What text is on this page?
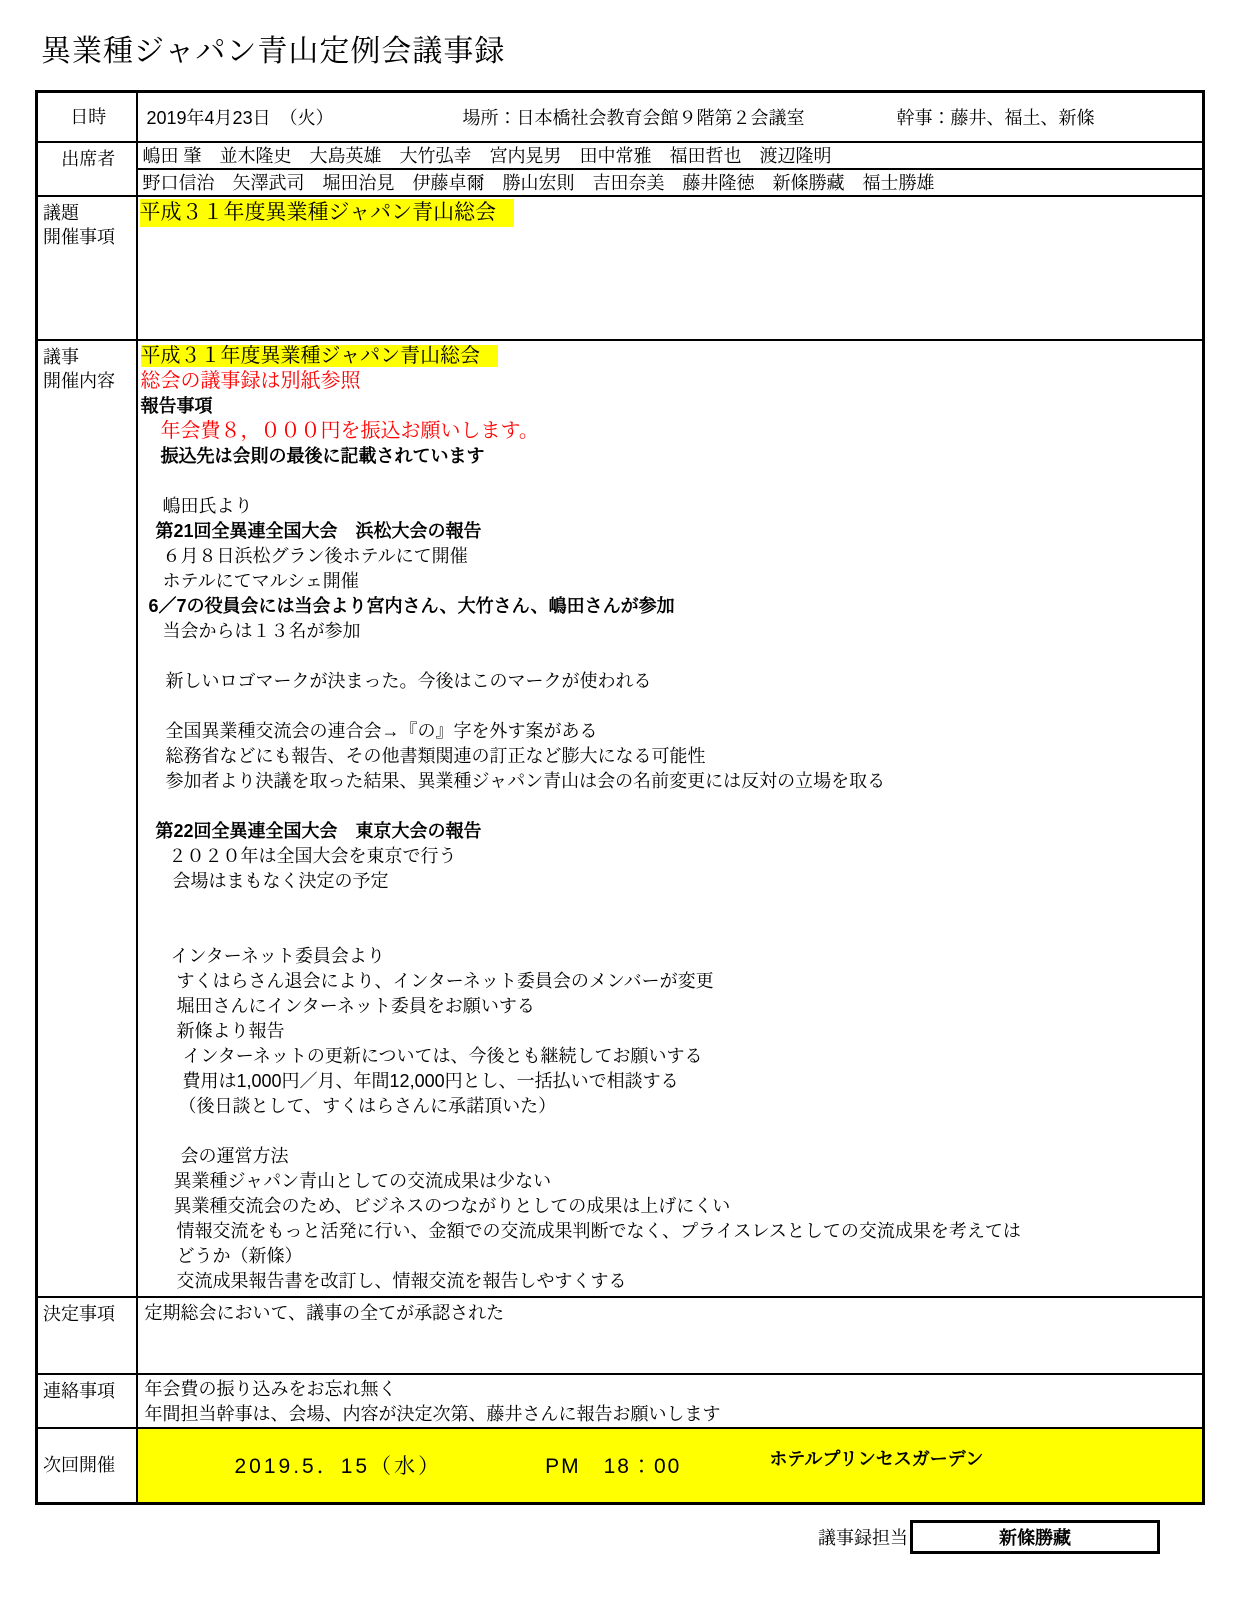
異業種ジャパン青山定例会議事録
日時	2019年4月23日　（火） 場所：日本橋社会教育会館９階第２会議室 幹事：藤井、福土、新條

出席者	嶋田 肇　並木隆史　大島英雄　大竹弘幸　宮内晃男　田中常雅　福田哲也　渡辺隆明
	野口信治　矢澤武司　堀田治見　伊藤卓爾　勝山宏則　吉田奈美　藤井隆徳　新條勝藏　福士勝雄

議題
開催事項	平成３１年度異業種ジャパン青山総会

議事
開催内容

平成３１年度異業種ジャパン青山総会
総会の議事録は別紙参照
報告事項
年会費８，０００円を振込お願いします。
振込先は会則の最後に記載されています

嶋田氏より
第21回全異連全国大会　浜松大会の報告
６月８日浜松グラン後ホテルにて開催
ホテルにてマルシェ開催
6／7の役員会には当会より宮内さん、大竹さん、嶋田さんが参加
当会からは１３名が参加

新しいロゴマークが決まった。今後はこのマークが使われる

全国異業種交流会の連合会→『の』字を外す案がある
総務省などにも報告、その他書類関連の訂正など膨大になる可能性
参加者より決議を取った結果、異業種ジャパン青山は会の名前変更には反対の立場を取る

第22回全異連全国大会　東京大会の報告
２０２０年は全国大会を東京で行う
会場はまもなく決定の予定

インターネット委員会より
すくはらさん退会により、インターネット委員会のメンバーが変更
堀田さんにインターネット委員をお願いする
新條より報告
インターネットの更新については、今後とも継続してお願いする
費用は1,000円／月、年間12,000円とし、一括払いで相談する
（後日談として、すくはらさんに承諾頂いた）

会の運営方法
異業種ジャパン青山としての交流成果は少ない
異業種交流会のため、ビジネスのつながりとしての成果は上げにくい
情報交流をもっと活発に行い、金額での交流成果判断でなく、プライスレスとしての交流成果を考えては
どうか（新條）
交流成果報告書を改訂し、情報交流を報告しやすくする

決定事項	定期総会において、議事の全てが承認された

連絡事項	年会費の振り込みをお忘れ無く
年間担当幹事は、会場、内容が決定次第、藤井さんに報告お願いします

次回開催	2019.5．15（水） PM　18：00 ホテルプリンセスガーデン
議事録担当	新條勝藏
